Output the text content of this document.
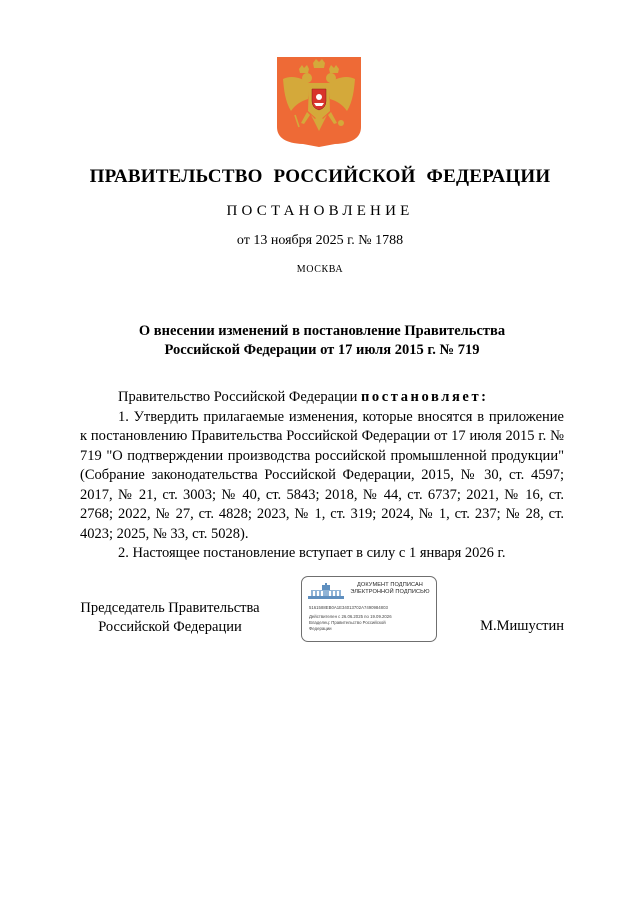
ПРАВИТЕЛЬСТВО РОССИЙСКОЙ ФЕДЕРАЦИИ
ПОСТАНОВЛЕНИЕ
от 13 ноября 2025 г. № 1788
МОСКВА
О внесении изменений в постановление Правительства
Российской Федерации от 17 июля 2015 г. № 719

Правительство Российской Федерации постановляет:

1. Утвердить прилагаемые изменения, которые вносятся в приложение к постановлению Правительства Российской Федерации от 17 июля 2015 г. № 719 "О подтверждении производства российской промышленной продукции" (Собрание законодательства Российской Федерации, 2015, № 30, ст. 4597; 2017, № 21, ст. 3003; № 40, ст. 5843; 2018, № 44, ст. 6737; 2021, № 16, ст. 2768; 2022, № 27, ст. 4828; 2023, № 1, ст. 319; 2024, № 1, ст. 237; № 28, ст. 4023; 2025, № 33, ст. 5028).

2. Настоящее постановление вступает в силу с 1 января 2026 г.

Председатель Правительства
Российской Федерации
ДОКУМЕНТ ПОДПИСАН
ЭЛЕКТРОННОЙ ПОДПИСЬЮ
5161588EB0A1E34013702A7490984803
Действителен с 26.06.2025 по 19.09.2026
Владелец: Правительство Российской
Федерации	М.Мишустин
